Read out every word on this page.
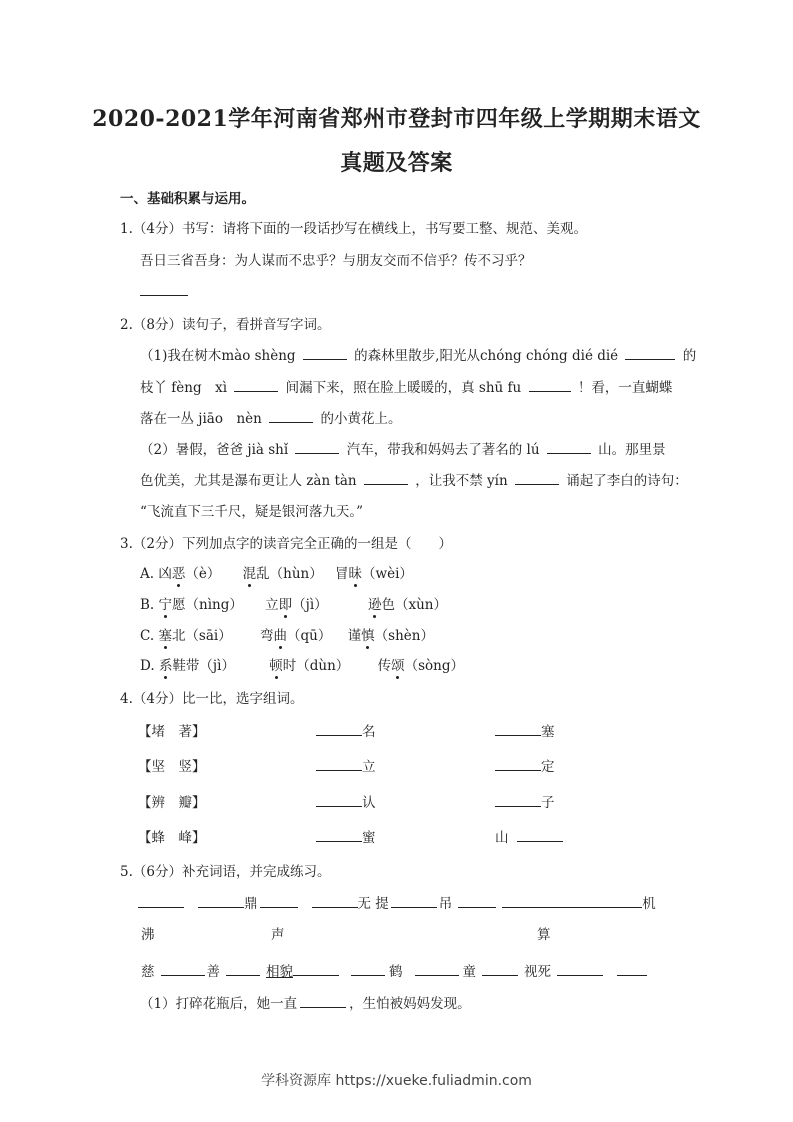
2020-2021学年河南省郑州市登封市四年级上学期期末语文
真题及答案
一、基础积累与运用。
1.（4分）书写：请将下面的一段话抄写在横线上，书写要工整、规范、美观。
吾日三省吾身：为人谋而不忠乎？与朋友交而不信乎？传不习乎？
2.（8分）读句子，看拼音写字词。
（1)我在树木mào shèng	的森林里散步,阳光从chóng chóng dié dié	的
枝丫 fèng　xì	间漏下来，照在脸上暖暖的，真 shū fu	！看，一直蝴蝶
落在一丛 jiāo　nèn	的小黄花上。
（2）暑假，爸爸 jià shǐ	汽车，带我和妈妈去了著名的 lú	山。那里景
色优美，尤其是瀑布更让人 zàn tàn	，让我不禁 yín	诵起了李白的诗句：
“飞流直下三千尺，疑是银河落九天。”
3.（2分）下列加点字的读音完全正确的一组是（　　）
A. 凶恶（è） 混乱（hùn） 冒昧（wèi）
B. 宁愿（nìng） 立即（jì）	逊色（xùn）
C. 塞北（sāi） 弯曲（qū） 谨慎（shèn）
D. 系鞋带（jì）	顿时（dùn） 传颂（sòng）
4.（4分）比一比，选字组词。
【堵　著】	名	塞
【坚　竖】	立	定
【辨　瓣】	认	子
【蜂　峰】	蜜	山
5.（6分）补充词语，并完成练习。
鼎	无 提	吊	机
沸	声	算
慈	善	相貌	鹤	童	视死
（1）打碎花瓶后，她一直	，生怕被妈妈发现。
学科资源库 https://xueke.fuliadmin.com
